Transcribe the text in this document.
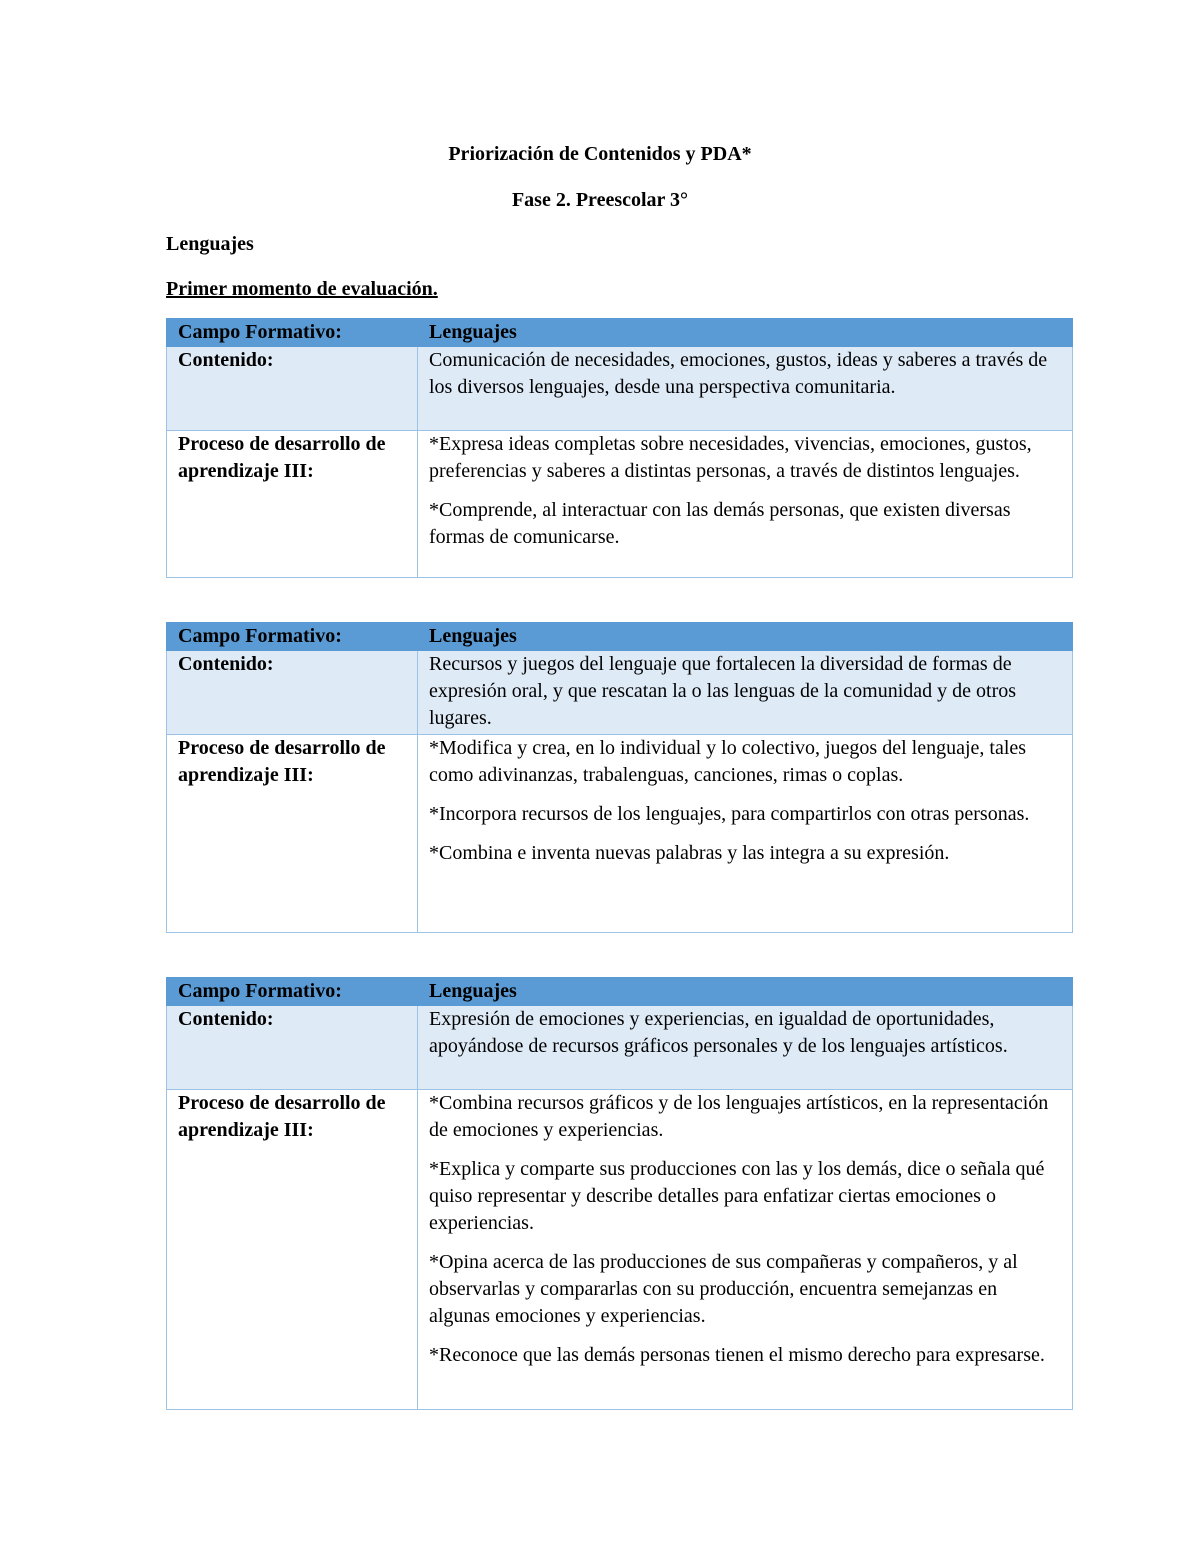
Priorización de Contenidos y PDA*
Fase 2. Preescolar 3°
Lenguajes
Primer momento de evaluación.
Campo Formativo:	Lenguajes
Contenido:	Comunicación de necesidades, emociones, gustos, ideas y saberes a través de los diversos lenguajes, desde una perspectiva comunitaria.
Proceso de desarrollo de aprendizaje III:	*Expresa ideas completas sobre necesidades, vivencias, emociones, gustos, preferencias y saberes a distintas personas, a través de distintos lenguajes.

*Comprende, al interactuar con las demás personas, que existen diversas formas de comunicarse.

Campo Formativo:	Lenguajes
Contenido:	Recursos y juegos del lenguaje que fortalecen la diversidad de formas de expresión oral, y que rescatan la o las lenguas de la comunidad y de otros lugares.
Proceso de desarrollo de aprendizaje III:	*Modifica y crea, en lo individual y lo colectivo, juegos del lenguaje, tales como adivinanzas, trabalenguas, canciones, rimas o coplas.

*Incorpora recursos de los lenguajes, para compartirlos con otras personas.

*Combina e inventa nuevas palabras y las integra a su expresión.

Campo Formativo:	Lenguajes
Contenido:	Expresión de emociones y experiencias, en igualdad de oportunidades, apoyándose de recursos gráficos personales y de los lenguajes artísticos.
Proceso de desarrollo de aprendizaje III:	*Combina recursos gráficos y de los lenguajes artísticos, en la representación de emociones y experiencias.

*Explica y comparte sus producciones con las y los demás, dice o señala qué quiso representar y describe detalles para enfatizar ciertas emociones o experiencias.

*Opina acerca de las producciones de sus compañeras y compañeros, y al observarlas y compararlas con su producción, encuentra semejanzas en algunas emociones y experiencias.

*Reconoce que las demás personas tienen el mismo derecho para expresarse.
